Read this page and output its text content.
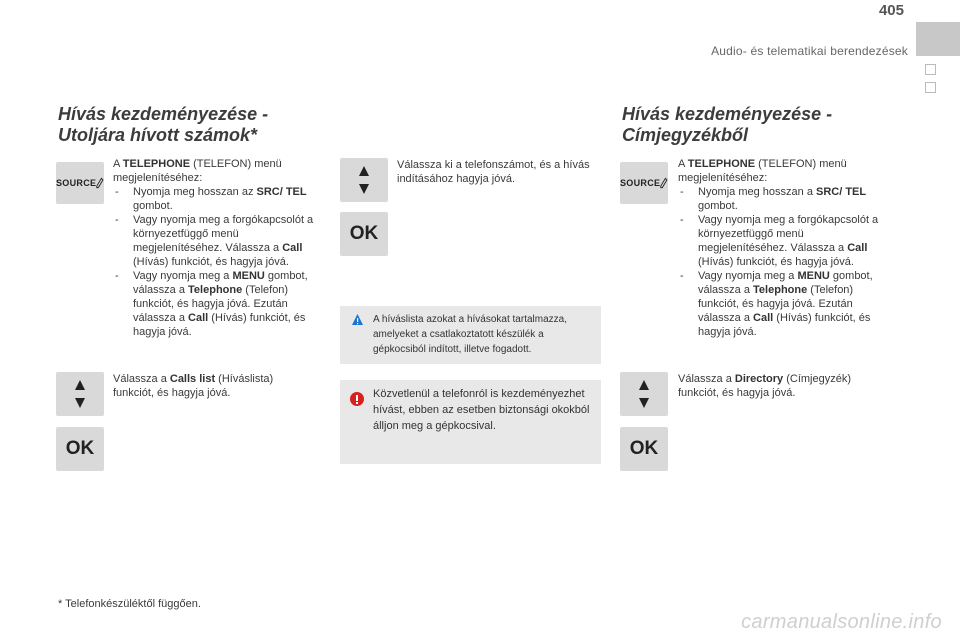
405
Audio- és telematikai berendezések
Hívás kezdeményezése -
Utoljára hívott számok*
SOURCE
A TELEPHONE (TELEFON) menü megjelenítéséhez:
- Nyomja meg hosszan az SRC/ TEL gombot.
- Vagy nyomja meg a forgókapcsolót a környezetfüggő menü megjelenítéséhez. Válassza a Call (Hívás) funkciót, és hagyja jóvá.
- Vagy nyomja meg a MENU gombot, válassza a Telephone (Telefon) funkciót, és hagyja jóvá. Ezután válassza a Call (Hívás) funkciót, és hagyja jóvá.
Válassza a Calls list (Híváslista) funkciót, és hagyja jóvá.
OK
Válassza ki a telefonszámot, és a hívás indításához hagyja jóvá.
OK
A híváslista azokat a hívásokat tartalmazza, amelyeket a csatlakoztatott készülék a gépkocsiból indított, illetve fogadott.
Közvetlenül a telefonról is kezdeményezhet hívást, ebben az esetben biztonsági okokból álljon meg a gépkocsival.
Hívás kezdeményezése -
Címjegyzékből
SOURCE
A TELEPHONE (TELEFON) menü megjelenítéséhez:
- Nyomja meg hosszan a SRC/ TEL gombot.
- Vagy nyomja meg a forgókapcsolót a környezetfüggő menü megjelenítéséhez. Válassza a Call (Hívás) funkciót, és hagyja jóvá.
- Vagy nyomja meg a MENU gombot, válassza a Telephone (Telefon) funkciót, és hagyja jóvá. Ezután válassza a Call (Hívás) funkciót, és hagyja jóvá.
Válassza a Directory (Címjegyzék) funkciót, és hagyja jóvá.
OK
* Telefonkészüléktől függően.
carmanualsonline.info
